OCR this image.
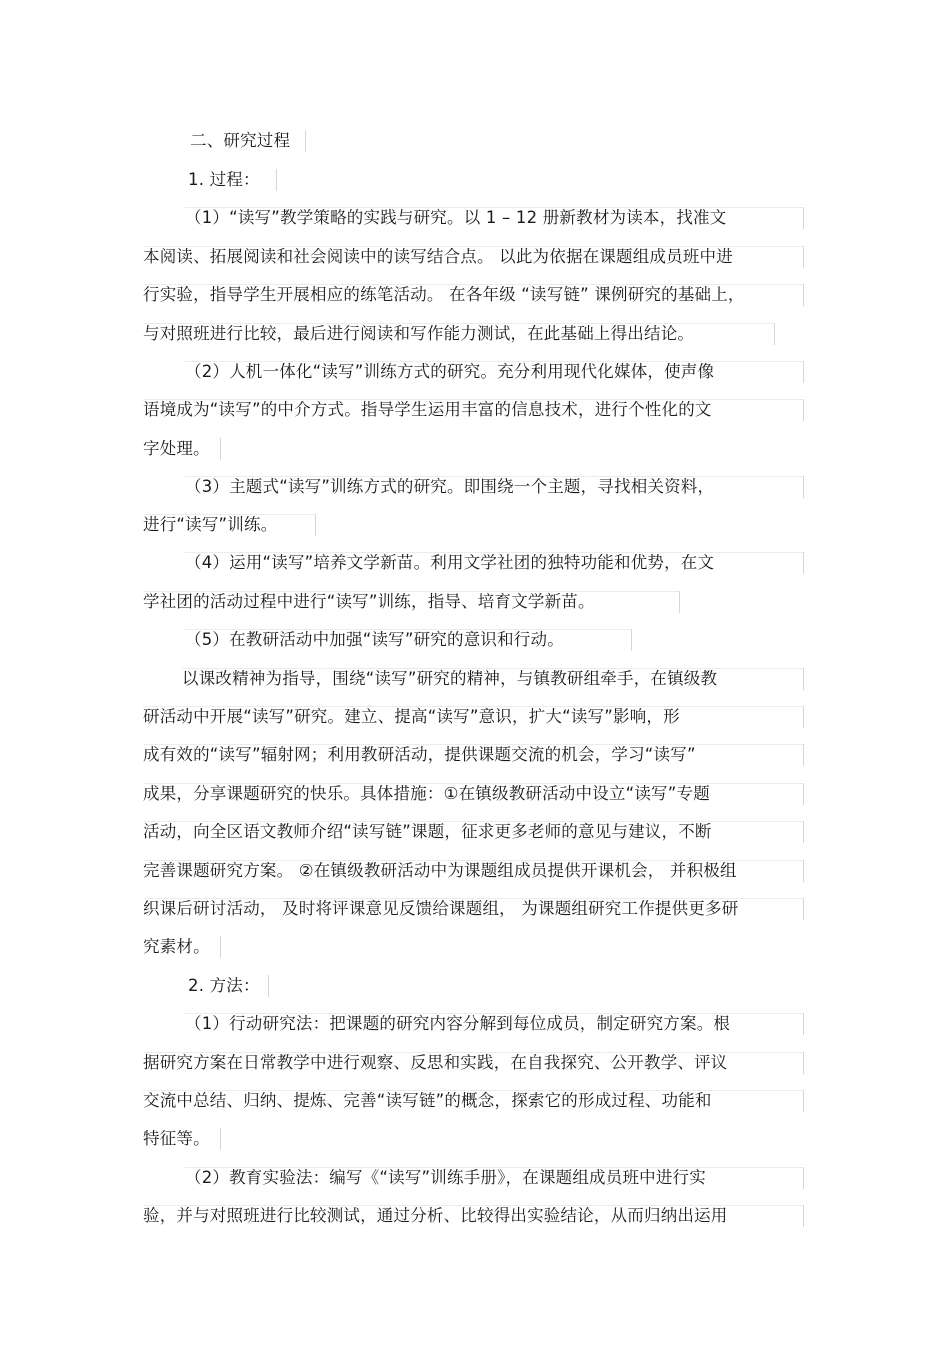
二、研究过程
1. 过程：
（1）“读写”教学策略的实践与研究。以 1 – 12 册新教材为读本，找准文
本阅读、拓展阅读和社会阅读中的读写结合点。 以此为依据在课题组成员班中进
行实验，指导学生开展相应的练笔活动。 在各年级 “读写链” 课例研究的基础上，
与对照班进行比较，最后进行阅读和写作能力测试，在此基础上得出结论。
（2）人机一体化“读写”训练方式的研究。充分利用现代化媒体，使声像
语境成为“读写”的中介方式。指导学生运用丰富的信息技术，进行个性化的文
字处理。
（3）主题式“读写”训练方式的研究。即围绕一个主题，寻找相关资料，
进行“读写”训练。
（4）运用“读写”培养文学新苗。利用文学社团的独特功能和优势，在文
学社团的活动过程中进行“读写”训练，指导、培育文学新苗。
（5）在教研活动中加强“读写”研究的意识和行动。
以课改精神为指导，围绕“读写”研究的精神，与镇教研组牵手，在镇级教
研活动中开展“读写”研究。建立、提高“读写”意识，扩大“读写”影响，形
成有效的“读写”辐射网；利用教研活动，提供课题交流的机会，学习“读写”
成果，分享课题研究的快乐。具体措施：①在镇级教研活动中设立“读写”专题
活动，向全区语文教师介绍“读写链”课题，征求更多老师的意见与建议，不断
完善课题研究方案。 ②在镇级教研活动中为课题组成员提供开课机会， 并积极组
织课后研讨活动， 及时将评课意见反馈给课题组， 为课题组研究工作提供更多研
究素材。
2. 方法：
（1）行动研究法：把课题的研究内容分解到每位成员，制定研究方案。根
据研究方案在日常教学中进行观察、反思和实践，在自我探究、公开教学、评议
交流中总结、归纳、提炼、完善“读写链”的概念，探索它的形成过程、功能和
特征等。
（2）教育实验法：编写《“读写”训练手册》，在课题组成员班中进行实
验，并与对照班进行比较测试，通过分析、比较得出实验结论，从而归纳出运用
